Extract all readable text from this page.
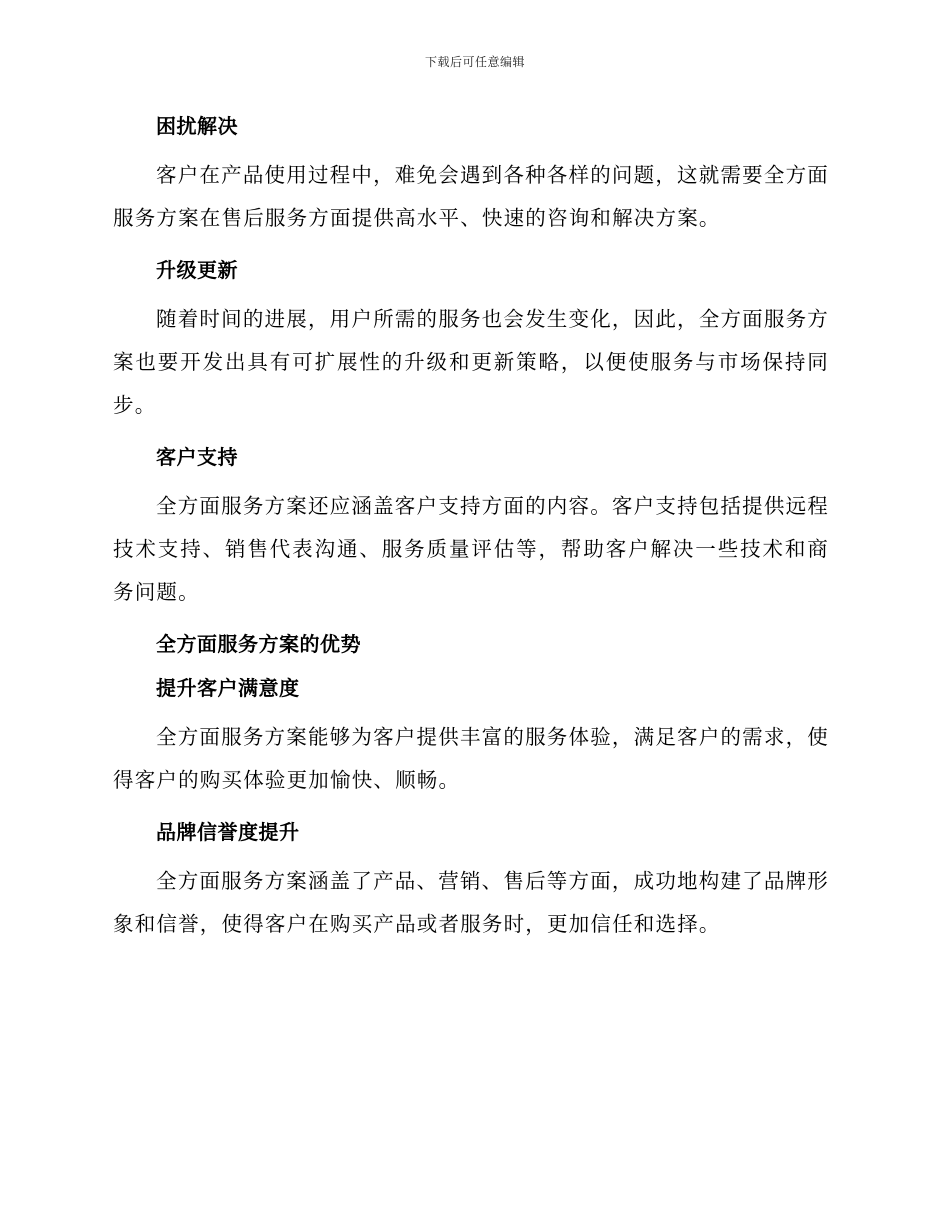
下载后可任意编辑
困扰解决

客户在产品使用过程中，难免会遇到各种各样的问题，这就需要全方面服务方案在售后服务方面提供高水平、快速的咨询和解决方案。

升级更新

随着时间的进展，用户所需的服务也会发生变化，因此，全方面服务方案也要开发出具有可扩展性的升级和更新策略，以便使服务与市场保持同步。

客户支持

全方面服务方案还应涵盖客户支持方面的内容。客户支持包括提供远程技术支持、销售代表沟通、服务质量评估等，帮助客户解决一些技术和商务问题。

全方面服务方案的优势
提升客户满意度

全方面服务方案能够为客户提供丰富的服务体验，满足客户的需求，使得客户的购买体验更加愉快、顺畅。

品牌信誉度提升

全方面服务方案涵盖了产品、营销、售后等方面，成功地构建了品牌形象和信誉，使得客户在购买产品或者服务时，更加信任和选择。
